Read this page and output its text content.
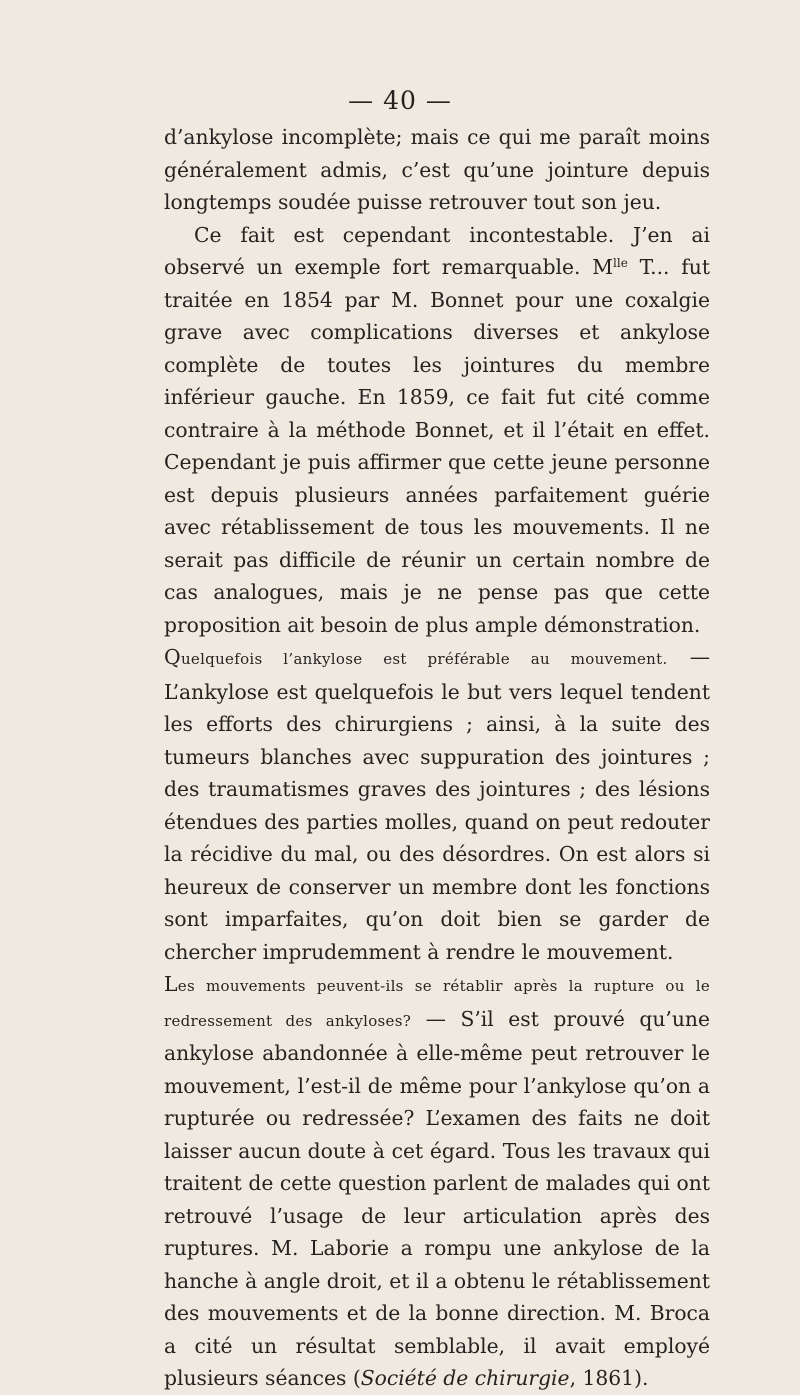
— 40 —

d’ankylose incomplète; mais ce qui me paraît moins généralement admis, c’est qu’une jointure depuis longtemps soudée puisse retrouver tout son jeu.

Ce fait est cependant incontestable. J’en ai observé un exemple fort remarquable. $M^{lle}$ T... fut traitée en 1854 par M. Bonnet pour une coxalgie grave avec complications diverses et ankylose complète de toutes les jointures du membre inférieur gauche. En 1859, ce fait fut cité comme contraire à la méthode Bonnet, et il l’était en effet. Cependant je puis affirmer que cette jeune personne est depuis plusieurs années parfaitement guérie avec rétablissement de tous les mouvements. Il ne serait pas difficile de réunir un certain nombre de cas analogues, mais je ne pense pas que cette proposition ait besoin de plus ample démonstration.

Quelquefois l’ankylose est préférable au mouvement. — L’ankylose est quelquefois le but vers lequel tendent les efforts des chirurgiens ; ainsi, à la suite des tumeurs blanches avec suppuration des jointures ; des traumatismes graves des jointures ; des lésions étendues des parties molles, quand on peut redouter la récidive du mal, ou des désordres. On est alors si heureux de conserver un membre dont les fonctions sont imparfaites, qu’on doit bien se garder de chercher imprudemment à rendre le mouvement.

Les mouvements peuvent-ils se rétablir après la rupture ou le redressement des ankyloses? — S’il est prouvé qu’une ankylose abandonnée à elle-même peut retrouver le mouvement, l’est-il de même pour l’ankylose qu’on a rupturée ou redressée? L’examen des faits ne doit laisser aucun doute à cet égard. Tous les travaux qui traitent de cette question parlent de malades qui ont retrouvé l’usage de leur articulation après des ruptures. M. Laborie a rompu une ankylose de la hanche à angle droit, et il a obtenu le rétablissement des mouvements et de la bonne direction. M. Broca a cité un résultat semblable, il avait employé plusieurs séances (Société de chirurgie, 1861).
